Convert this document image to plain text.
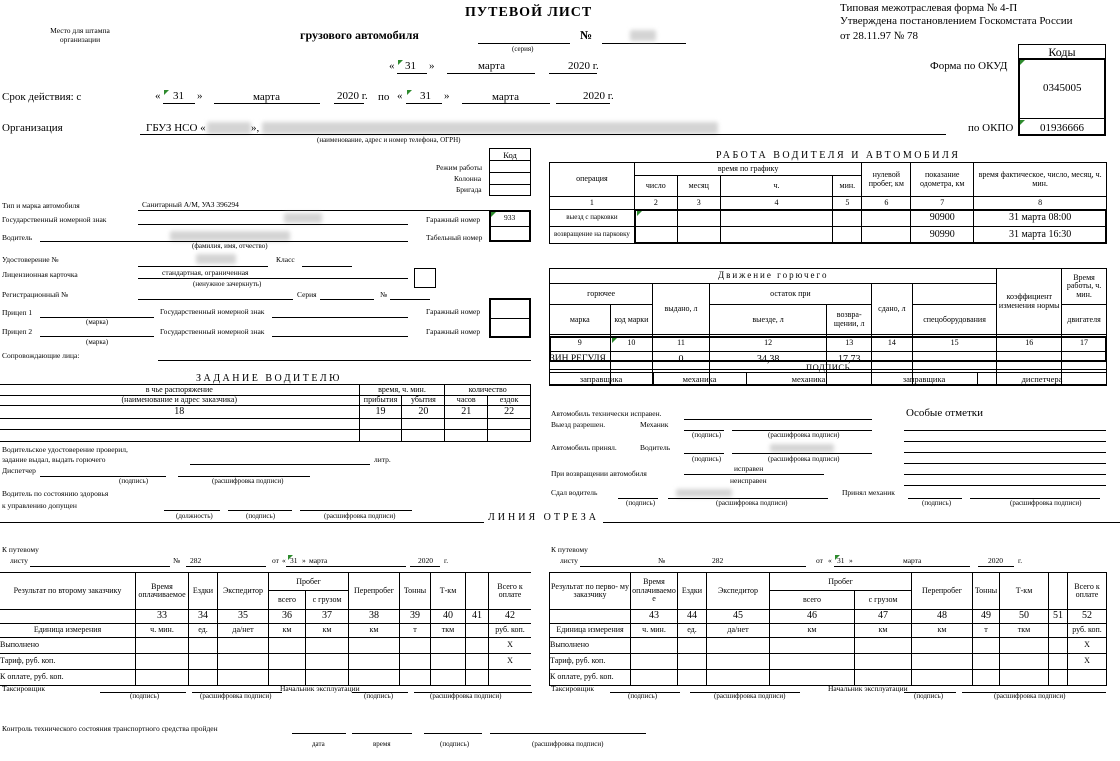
Место для штампа организации
ПУТЕВОЙ ЛИСТ
грузового автомобиля
(серия)
№
Типовая межотраслевая форма № 4-П
Утверждена постановлением Госкомстата России
от 28.11.97 № 78
Коды
Форма по ОКУД
0345005
по ОКПО 01936666
« 31 »	марта	2020 г.
Срок действия: с	« 31 »	марта	2020 г. по « 31 »	марта	2020 г.
Организация	ГБУЗ НСО «	»,
(наименование, адрес и номер телефона, ОГРН)
Код
Режим работы
Колонна
Бригада
Тип и марка автомобиля	Санитарный А/М, УАЗ 396294
Государственный номерной знак	Гаражный номер	933
Водитель
(фамилия, имя, отчество)
Табельный номер
Удостоверение №	Класс
Лицензионная карточка	стандартная, ограниченная
(ненужное зачеркнуть)
Регистрационный №	Серия	№
Прицеп 1
(марка)
Государственный номерной знак	Гаражный номер
Прицеп 2
(марка)
Государственный номерной знак	Гаражный номер
Сопровождающие лица:
ЗАДАНИЕ ВОДИТЕЛЮ
в чье распоряжение	время, ч. мин.		количество	
(наименование и адрес заказчика)	прибытия	убытия	часов	ездок
18	19	20	21	22

Водительское удостоверение проверил,
задание выдал, выдать горючего	литр.
Диспетчер
(подпись)	(расшифровка подписи)
Водитель по состоянию здоровья
к управлению допущен
(должность)	(подпись)	(расшифровка подписи)
РАБОТА ВОДИТЕЛЯ И АВТОМОБИЛЯ
операция	время по графику				нулевой пробег, км	показание одометра, км	время фактическое, число, месяц, ч. мин.
	число	месяц	ч.	мин.			
1	2	3	4	5	6	7	8
выезд с парковки						90900	31 марта 08:00
возвращение на парковку						90990	31 марта 16:30
Движение горючего							коэффициент изменения нормы	Время работы, ч. мин.
горючее		выдано, л	остаток при		сдано, л		
марка	код марки		выезде, л	возвра- щении, л		спецоборудования		двигателя
9	10	11	12	13	14	15	16	17
ЗИН РЕГУЛЯ		0	34,38	17,73				

ПОДПИСЬ
заправщика	механика	механика	заправщика	диспетчера
Автомобиль технически исправен.
Выезд разрешен.	Механик
(подпись)	(расшифровка подписи)
Особые отметки
Автомобиль принял.	Водитель
(подпись)	(расшифровка подписи)
При возвращении автомобиля
исправен
неисправен
Сдал водитель
(подпись)	(расшифровка подписи)
Принял механик
(подпись)	(расшифровка подписи)
ЛИНИЯ ОТРЕЗА
К путевому
листу	№ 282	от « 31 » марта	2020 г.
Результат по второму заказчику	Время оплачиваемое	Ездки	Экспедитор	Пробег		Перепробег	Тонны	Т-км		Всего к оплате
				всего	с грузом					
	33	34	35	36	37	38	39	40	41	42
Единица измерения	ч. мин.	ед.	да/нет	км	км	км	т	ткм		руб. коп.
Выполнено										X
Тариф, руб. коп.										X
К оплате, руб. коп.										
Таксировщик
(подпись)	(расшифровка подписи)
Начальник эксплуатации
(подпись)	(расшифровка подписи)
К путевому
листу	№	282	от « 31 »	марта	2020 г.
Результат по перво- му заказчику	Время оплачиваемо е	Ездки	Экспедитор	Пробег		Перепробег	Тонны	Т-км		Всего к оплате
				всего	с грузом					
	43	44	45	46	47	48	49	50	51	52
Единица измерения	ч. мин.	ед.	да/нет	км	км	км	т	ткм		руб. коп.
Выполнено										X
Тариф, руб. коп.										X
К оплате, руб. коп.										
Таксировщик
(подпись)	(расшифровка подписи)
Начальник эксплуатации
(подпись)	(расшифровка подписи)
Контроль технического состояния транспортного средства пройден
дата	время	(подпись)	(расшифровка подписи)
